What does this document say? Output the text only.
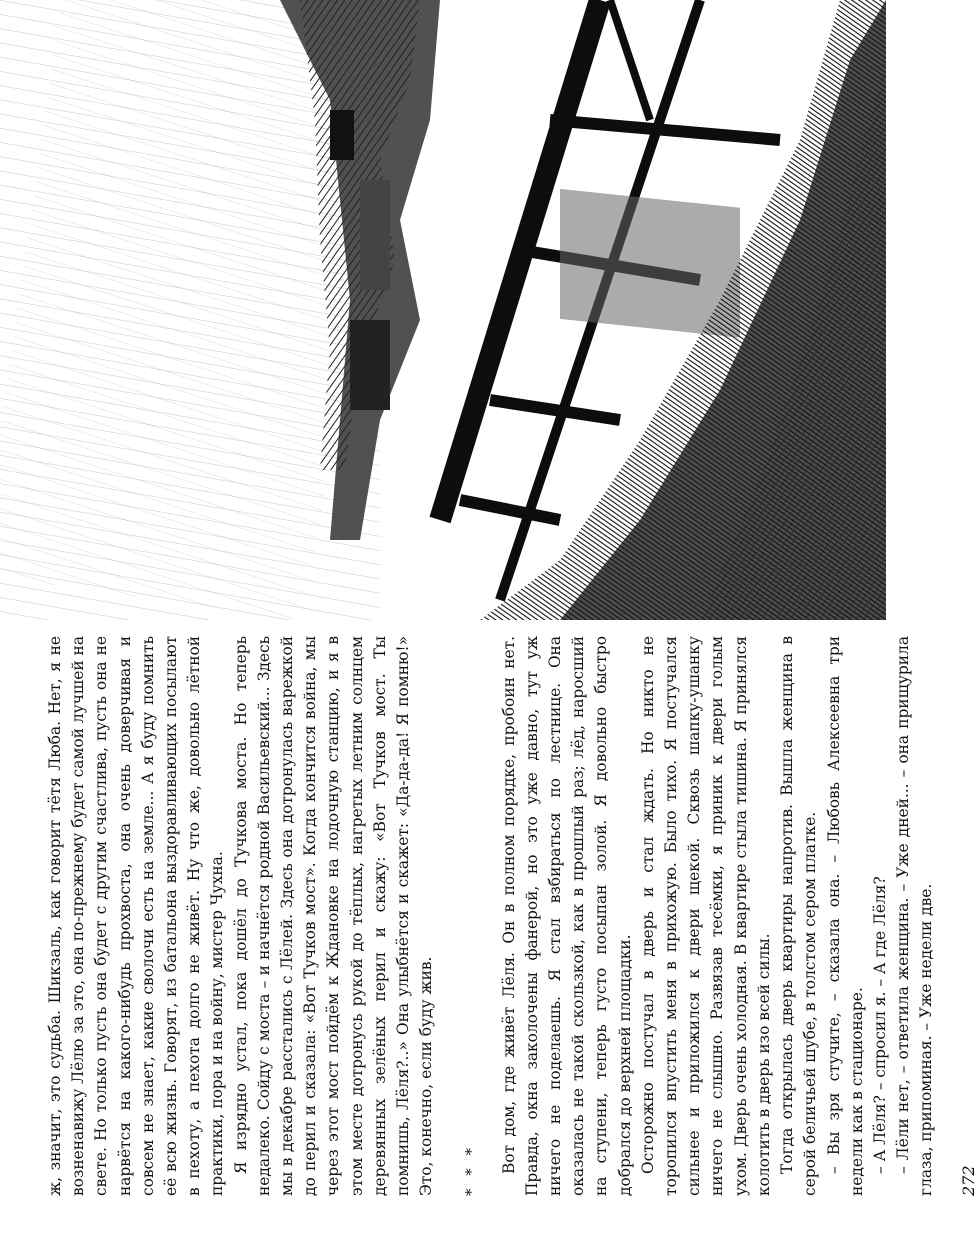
ж, значит, это судьба. Шикзаль, как говорит тётя Люба. Нет, я не возненавижу Лёлю за это, она по-прежнему будет самой лучшей на свете. Но только пусть она будет с другим счастлива, пусть она не нарвётся на какого-нибудь прохвоста, она очень доверчивая и совсем не знает, какие сволочи есть на земле... А я буду помнить её всю жизнь. Говорят, из батальона выздоравливающих посылают в пехоту, а пехота долго не живёт. Ну что же, довольно лётной практики, пора и на войну, мистер Чухна. Я изрядно устал, пока дошёл до Тучкова моста. Но теперь недалеко. Сойду с моста – и начнётся родной Васильевский... Здесь мы в декабре расстались с Лёлей. Здесь она дотронулась варежкой до перил и сказала: «Вот Тучков мост». Когда кончится война, мы через этот мост пойдём к Ждановке на лодочную станцию, и я в этом месте дотронусь рукой до тёплых, нагретых летним солнцем деревянных зелёных перил и скажу: «Вот Тучков мост. Ты помнишь, Лёля?..» Она улыбнётся и скажет: «Да-да-да! Я помню!» Это, конечно, если буду жив. * * * Вот дом, где живёт Лёля. Он в полном порядке, пробоин нет. Правда, окна заколочены фанерой, но это уже давно, тут уж ничего не поделаешь. Я стал взбираться по лестнице. Она оказалась не такой скользкой, как в прошлый раз; лёд, наросший на ступени, теперь густо посыпан золой. Я довольно быстро добрался до верхней площадки. Осторожно постучал в дверь и стал ждать. Но никто не торопился впустить меня в прихожую. Было тихо. Я постучался сильнее и приложился к двери щекой. Сквозь шапку-ушанку ничего не слышно. Развязав тесёмки, я приник к двери голым ухом. Дверь очень холодная. В квартире стыла тишина. Я принялся колотить в дверь изо всей силы. Тогда открылась дверь квартиры напротив. Вышла женщина в серой беличьей шубе, в толстом сером платке. – Вы зря стучите, – сказала она. – Любовь Алексеевна три недели как в стационаре. – А Лёля? – спросил я. – А где Лёля? – Лёли нет, – ответила женщина. – Уже дней... – она прищурила глаза, припоминая. – Уже недели две. 272
